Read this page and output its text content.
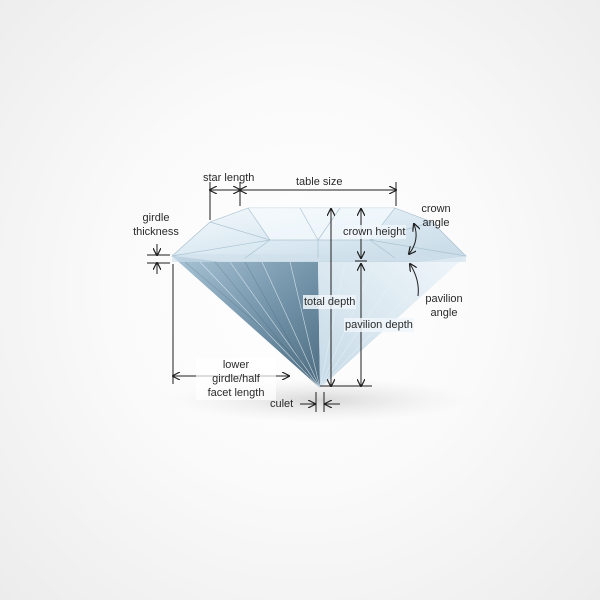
girdle
thickness
star length	table size
crown
angle
crown height
total depth
pavilion depth
pavilion
angle
lower
girdle/half
facet length
culet
